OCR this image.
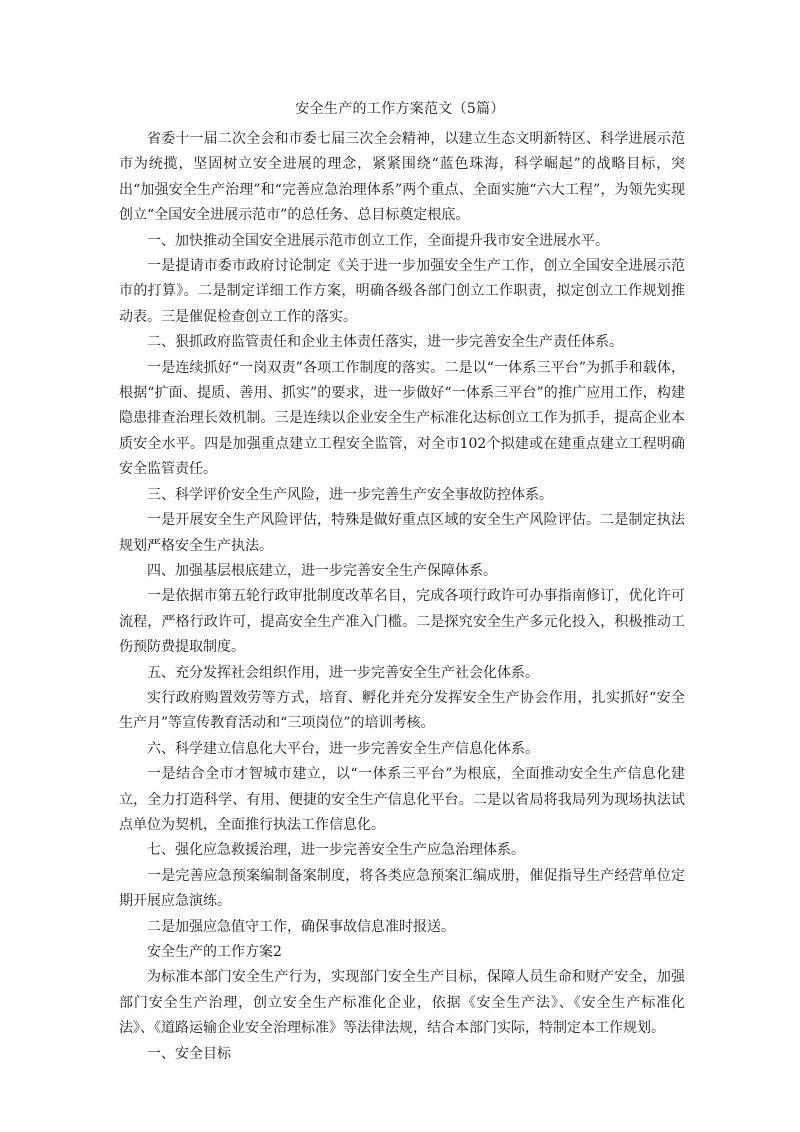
安全生产的工作方案范文（5篇）

省委十一届二次全会和市委七届三次全会精神，以建立生态文明新特区、科学进展示范市为统揽，坚固树立安全进展的理念，紧紧围绕“蓝色珠海，科学崛起”的战略目标，突出“加强安全生产治理”和“完善应急治理体系”两个重点、全面实施“六大工程”，为领先实现创立“全国安全进展示范市”的总任务、总目标奠定根底。

一、加快推动全国安全进展示范市创立工作，全面提升我市安全进展水平。

一是提请市委市政府讨论制定《关于进一步加强安全生产工作，创立全国安全进展示范市的打算》。二是制定详细工作方案，明确各级各部门创立工作职责，拟定创立工作规划推动表。三是催促检查创立工作的落实。

二、狠抓政府监管责任和企业主体责任落实，进一步完善安全生产责任体系。

一是连续抓好“一岗双责”各项工作制度的落实。二是以“一体系三平台”为抓手和载体，根据“扩面、提质、善用、抓实”的要求，进一步做好“一体系三平台”的推广应用工作，构建隐患排查治理长效机制。三是连续以企业安全生产标准化达标创立工作为抓手，提高企业本质安全水平。四是加强重点建立工程安全监管，对全市102个拟建或在建重点建立工程明确安全监管责任。

三、科学评价安全生产风险，进一步完善生产安全事故防控体系。

一是开展安全生产风险评估，特殊是做好重点区域的安全生产风险评估。二是制定执法规划严格安全生产执法。

四、加强基层根底建立，进一步完善安全生产保障体系。

一是依据市第五轮行政审批制度改革名目，完成各项行政许可办事指南修订，优化许可流程，严格行政许可，提高安全生产准入门槛。二是探究安全生产多元化投入，积极推动工伤预防费提取制度。

五、充分发挥社会组织作用，进一步完善安全生产社会化体系。

实行政府购置效劳等方式，培育、孵化并充分发挥安全生产协会作用，扎实抓好“安全生产月”等宣传教育活动和“三项岗位”的培训考核。

六、科学建立信息化大平台，进一步完善安全生产信息化体系。

一是结合全市才智城市建立，以“一体系三平台”为根底，全面推动安全生产信息化建立，全力打造科学、有用、便捷的安全生产信息化平台。二是以省局将我局列为现场执法试点单位为契机，全面推行执法工作信息化。

七、强化应急救援治理，进一步完善安全生产应急治理体系。

一是完善应急预案编制备案制度，将各类应急预案汇编成册，催促指导生产经营单位定期开展应急演练。

二是加强应急值守工作，确保事故信息准时报送。

安全生产的工作方案2

为标准本部门安全生产行为，实现部门安全生产目标，保障人员生命和财产安全，加强部门安全生产治理，创立安全生产标准化企业，依据《安全生产法》、《安全生产标准化法》、《道路运输企业安全治理标准》等法律法规，结合本部门实际，特制定本工作规划。

一、安全目标
